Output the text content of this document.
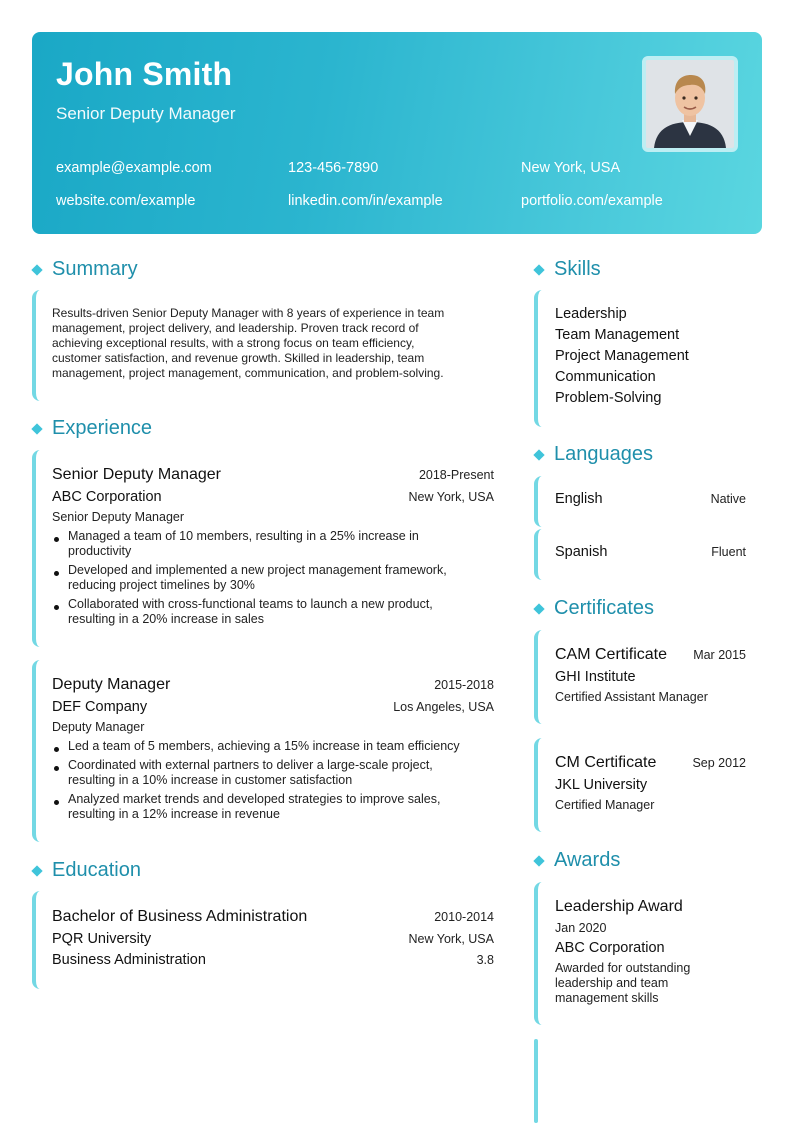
John Smith
Senior Deputy Manager
example@example.com	123-456-7890	New York, USA
website.com/example	linkedin.com/in/example	portfolio.com/example
Summary
Results-driven Senior Deputy Manager with 8 years of experience in team
management, project delivery, and leadership. Proven track record of
achieving exceptional results, with a strong focus on team efficiency,
customer satisfaction, and revenue growth. Skilled in leadership, team
management, project management, communication, and problem-solving.
Experience
Senior Deputy Manager	2018-Present
ABC Corporation	New York, USA
Senior Deputy Manager
Managed a team of 10 members, resulting in a 25% increase in
productivity
Developed and implemented a new project management framework,
reducing project timelines by 30%
Collaborated with cross-functional teams to launch a new product,
resulting in a 20% increase in sales
Deputy Manager	2015-2018
DEF Company	Los Angeles, USA
Deputy Manager
Led a team of 5 members, achieving a 15% increase in team efficiency
Coordinated with external partners to deliver a large-scale project,
resulting in a 10% increase in customer satisfaction
Analyzed market trends and developed strategies to improve sales,
resulting in a 12% increase in revenue
Education
Bachelor of Business Administration	2010-2014
PQR University	New York, USA
Business Administration	3.8
Skills
Leadership
Team Management
Project Management
Communication
Problem-Solving
Languages
English	Native
Spanish	Fluent
Certificates
CAM Certificate Mar 2015
GHI Institute
Certified Assistant Manager
CM Certificate	Sep 2012
JKL University
Certified Manager
Awards
Leadership Award
Jan 2020
ABC Corporation
Awarded for outstanding
leadership and team
management skills
